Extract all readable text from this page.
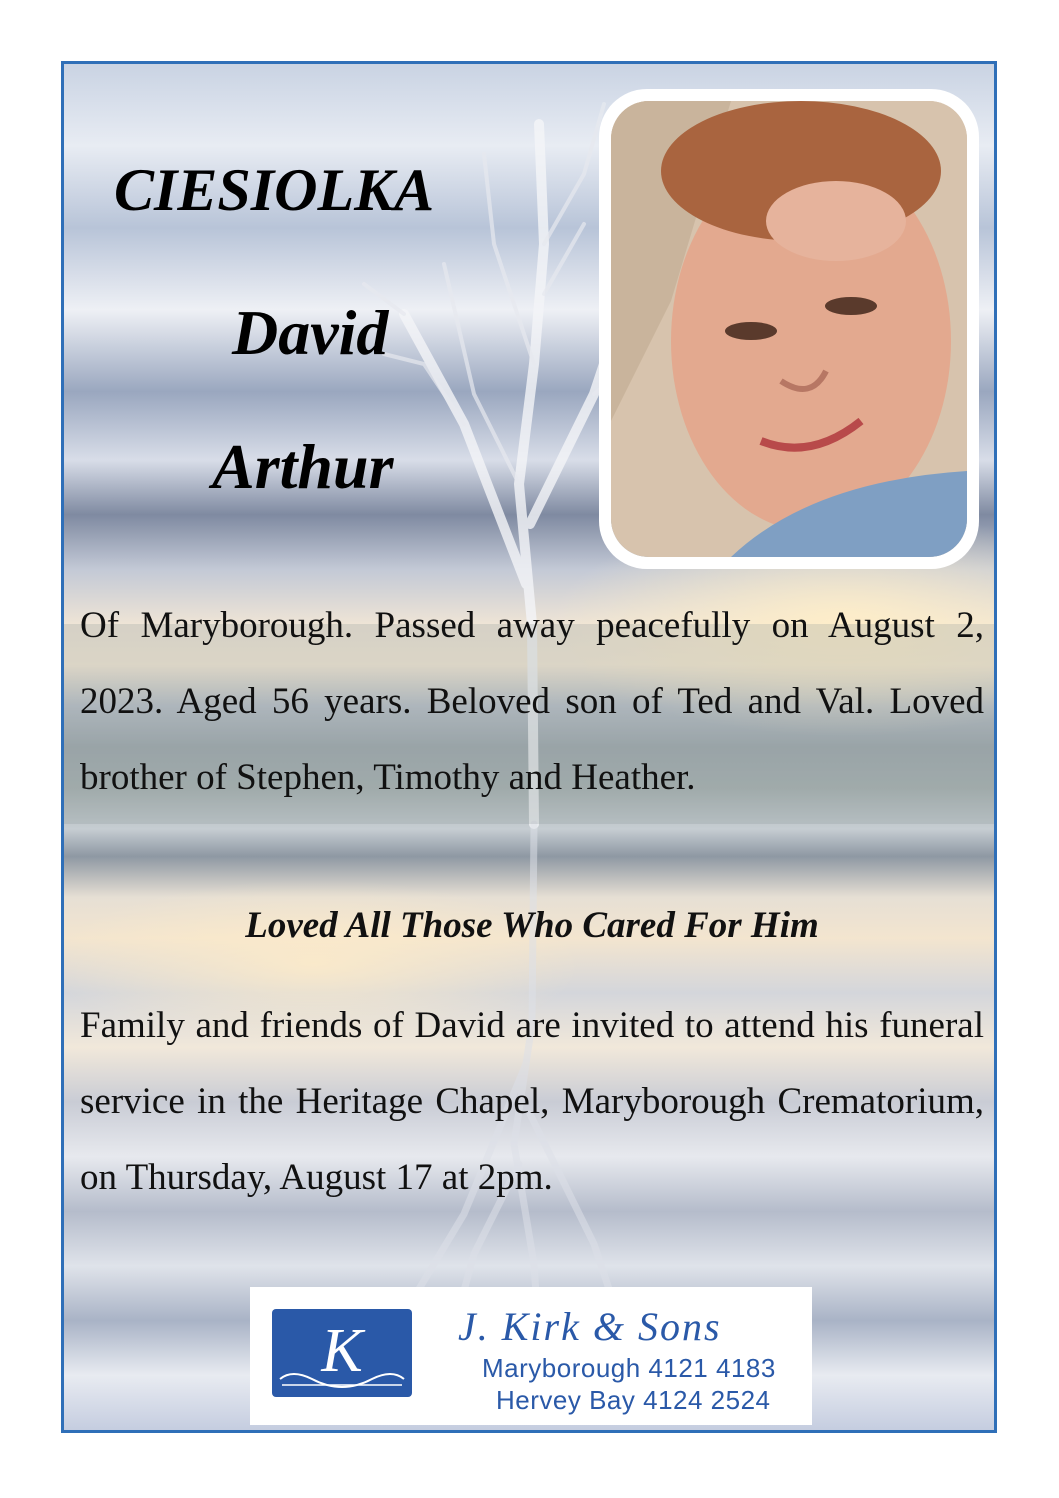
CIESIOLKA
David
Arthur

Of Maryborough. Passed away peacefully on August 2, 2023. Aged 56 years. Beloved son of Ted and Val. Loved brother of Stephen, Timothy and Heather.

Loved All Those Who Cared For Him

Family and friends of David are invited to attend his funeral service in the Heritage Chapel, Maryborough Crematorium, on Thursday, August 17 at 2pm.

K J. Kirk & Sons
Maryborough 4121 4183
Hervey Bay 4124 2524
